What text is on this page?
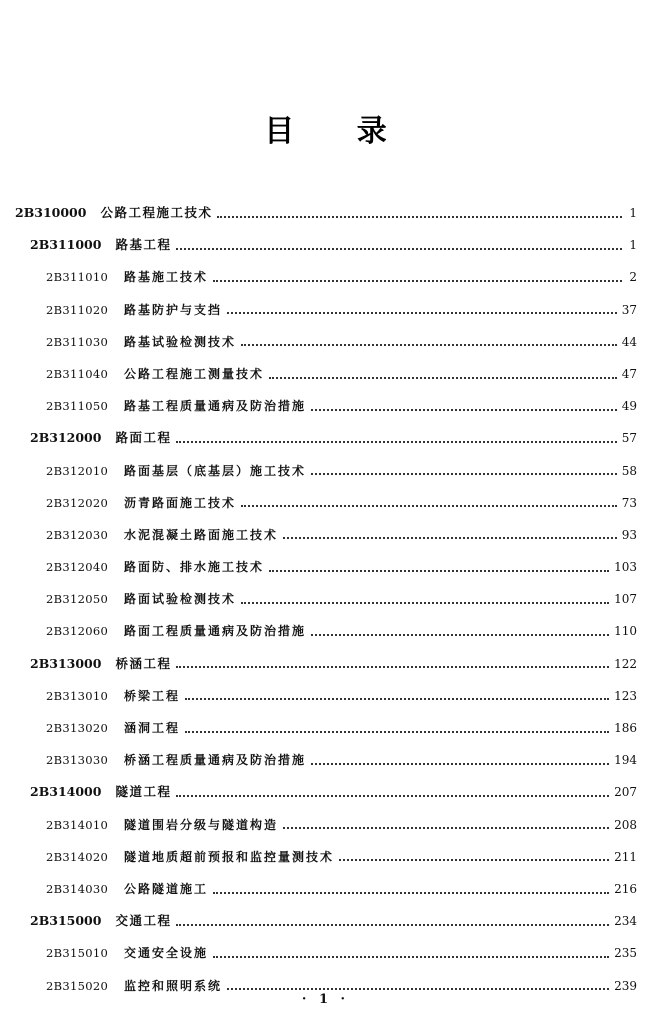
目 录
2B310000 公路工程施工技术	1
2B311000 路基工程	1
2B311010	路基施工技术	2
2B311020	路基防护与支挡	37
2B311030	路基试验检测技术	44
2B311040	公路工程施工测量技术	47
2B311050	路基工程质量通病及防治措施	49
2B312000 路面工程	57
2B312010	路面基层（底基层）施工技术	58
2B312020	沥青路面施工技术	73
2B312030	水泥混凝土路面施工技术	93
2B312040	路面防、排水施工技术	103
2B312050	路面试验检测技术	107
2B312060	路面工程质量通病及防治措施	110
2B313000 桥涵工程	122
2B313010	桥梁工程	123
2B313020	涵洞工程	186
2B313030	桥涵工程质量通病及防治措施	194
2B314000 隧道工程	207
2B314010	隧道围岩分级与隧道构造	208
2B314020	隧道地质超前预报和监控量测技术	211
2B314030	公路隧道施工	216
2B315000 交通工程	234
2B315010	交通安全设施	235
2B315020	监控和照明系统	239
· 1 ·
